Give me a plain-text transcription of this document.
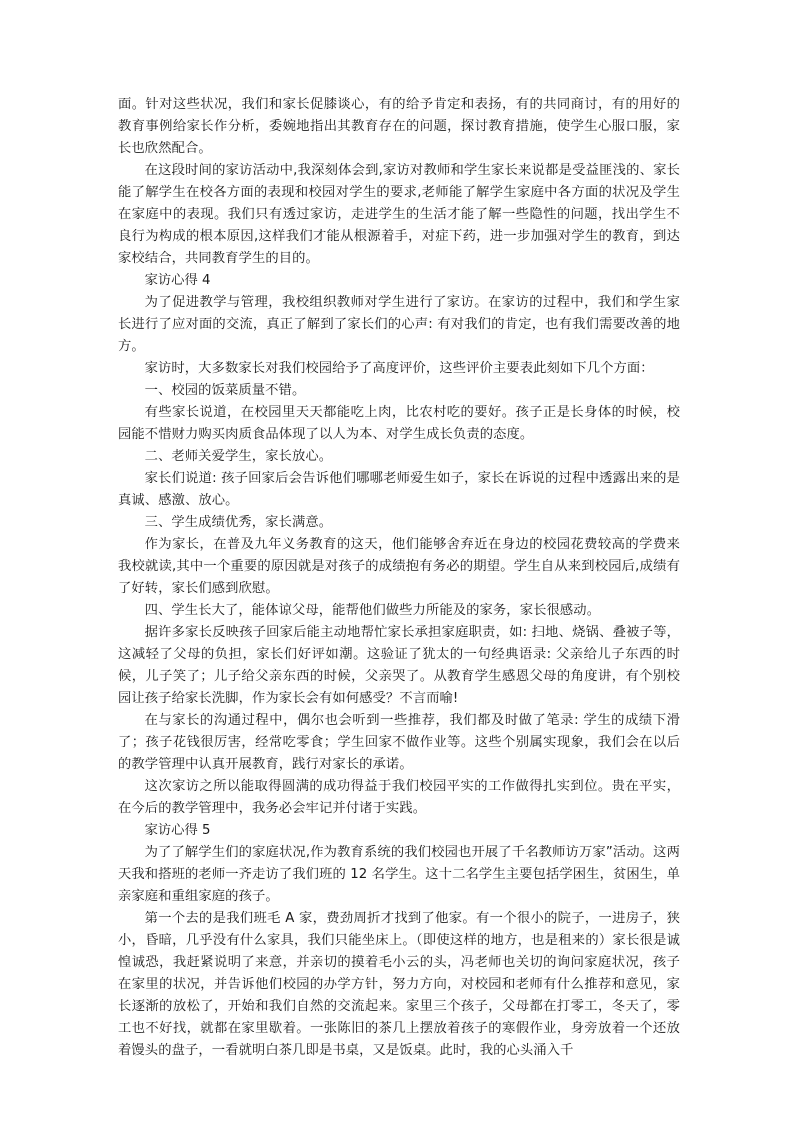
面。针对这些状况，我们和家长促膝谈心，有的给予肯定和表扬，有的共同商讨，有的用好的教育事例给家长作分析，委婉地指出其教育存在的问题，探讨教育措施，使学生心服口服，家长也欣然配合。

在这段时间的家访活动中,我深刻体会到,家访对教师和学生家长来说都是受益匪浅的、家长能了解学生在校各方面的表现和校园对学生的要求,老师能了解学生家庭中各方面的状况及学生在家庭中的表现。我们只有透过家访，走进学生的生活才能了解一些隐性的问题，找出学生不良行为构成的根本原因,这样我们才能从根源着手，对症下药，进一步加强对学生的教育，到达家校结合，共同教育学生的目的。

家访心得 4

为了促进教学与管理，我校组织教师对学生进行了家访。在家访的过程中，我们和学生家长进行了应对面的交流，真正了解到了家长们的心声: 有对我们的肯定，也有我们需要改善的地方。

家访时，大多数家长对我们校园给予了高度评价，这些评价主要表此刻如下几个方面：

一、校园的饭菜质量不错。

有些家长说道，在校园里天天都能吃上肉，比农村吃的要好。孩子正是长身体的时候，校园能不惜财力购买肉质食品体现了以人为本、对学生成长负责的态度。

二、老师关爱学生，家长放心。

家长们说道: 孩子回家后会告诉他们哪哪老师爱生如子，家长在诉说的过程中透露出来的是真诚、感激、放心。

三、学生成绩优秀，家长满意。

作为家长，在普及九年义务教育的这天，他们能够舍弃近在身边的校园花费较高的学费来我校就读,其中一个重要的原因就是对孩子的成绩抱有务必的期望。学生自从来到校园后,成绩有了好转，家长们感到欣慰。

四、学生长大了，能体谅父母，能帮他们做些力所能及的家务，家长很感动。

据许多家长反映孩子回家后能主动地帮忙家长承担家庭职责，如: 扫地、烧锅、叠被子等，这减轻了父母的负担，家长们好评如潮。这验证了犹太的一句经典语录: 父亲给儿子东西的时候，儿子笑了；儿子给父亲东西的时候，父亲哭了。从教育学生感恩父母的角度讲，有个别校园让孩子给家长洗脚，作为家长会有如何感受？不言而喻!

在与家长的沟通过程中，偶尔也会听到一些推荐，我们都及时做了笔录: 学生的成绩下滑了；孩子花钱很厉害，经常吃零食；学生回家不做作业等。这些个别属实现象，我们会在以后的教学管理中认真开展教育，践行对家长的承诺。

这次家访之所以能取得圆满的成功得益于我们校园平实的工作做得扎实到位。贵在平实，在今后的教学管理中，我务必会牢记并付诸于实践。

家访心得 5

为了了解学生们的家庭状况,作为教育系统的我们校园也开展了千名教师访万家”活动。这两天我和搭班的老师一齐走访了我们班的 12 名学生。这十二名学生主要包括学困生，贫困生，单亲家庭和重组家庭的孩子。

第一个去的是我们班毛 A 家，费劲周折才找到了他家。有一个很小的院子，一进房子，狭小，昏暗，几乎没有什么家具，我们只能坐床上。（即使这样的地方，也是租来的）家长很是诚惶诚恐，我赶紧说明了来意，并亲切的摸着毛小云的头，冯老师也关切的询问家庭状况，孩子在家里的状况，并告诉他们校园的办学方针，努力方向，对校园和老师有什么推荐和意见，家长逐渐的放松了，开始和我们自然的交流起来。家里三个孩子，父母都在打零工，冬天了，零工也不好找，就都在家里歇着。一张陈旧的茶几上摆放着孩子的寒假作业，身旁放着一个还放着馒头的盘子，一看就明白茶几即是书桌，又是饭桌。此时，我的心头涌入千
